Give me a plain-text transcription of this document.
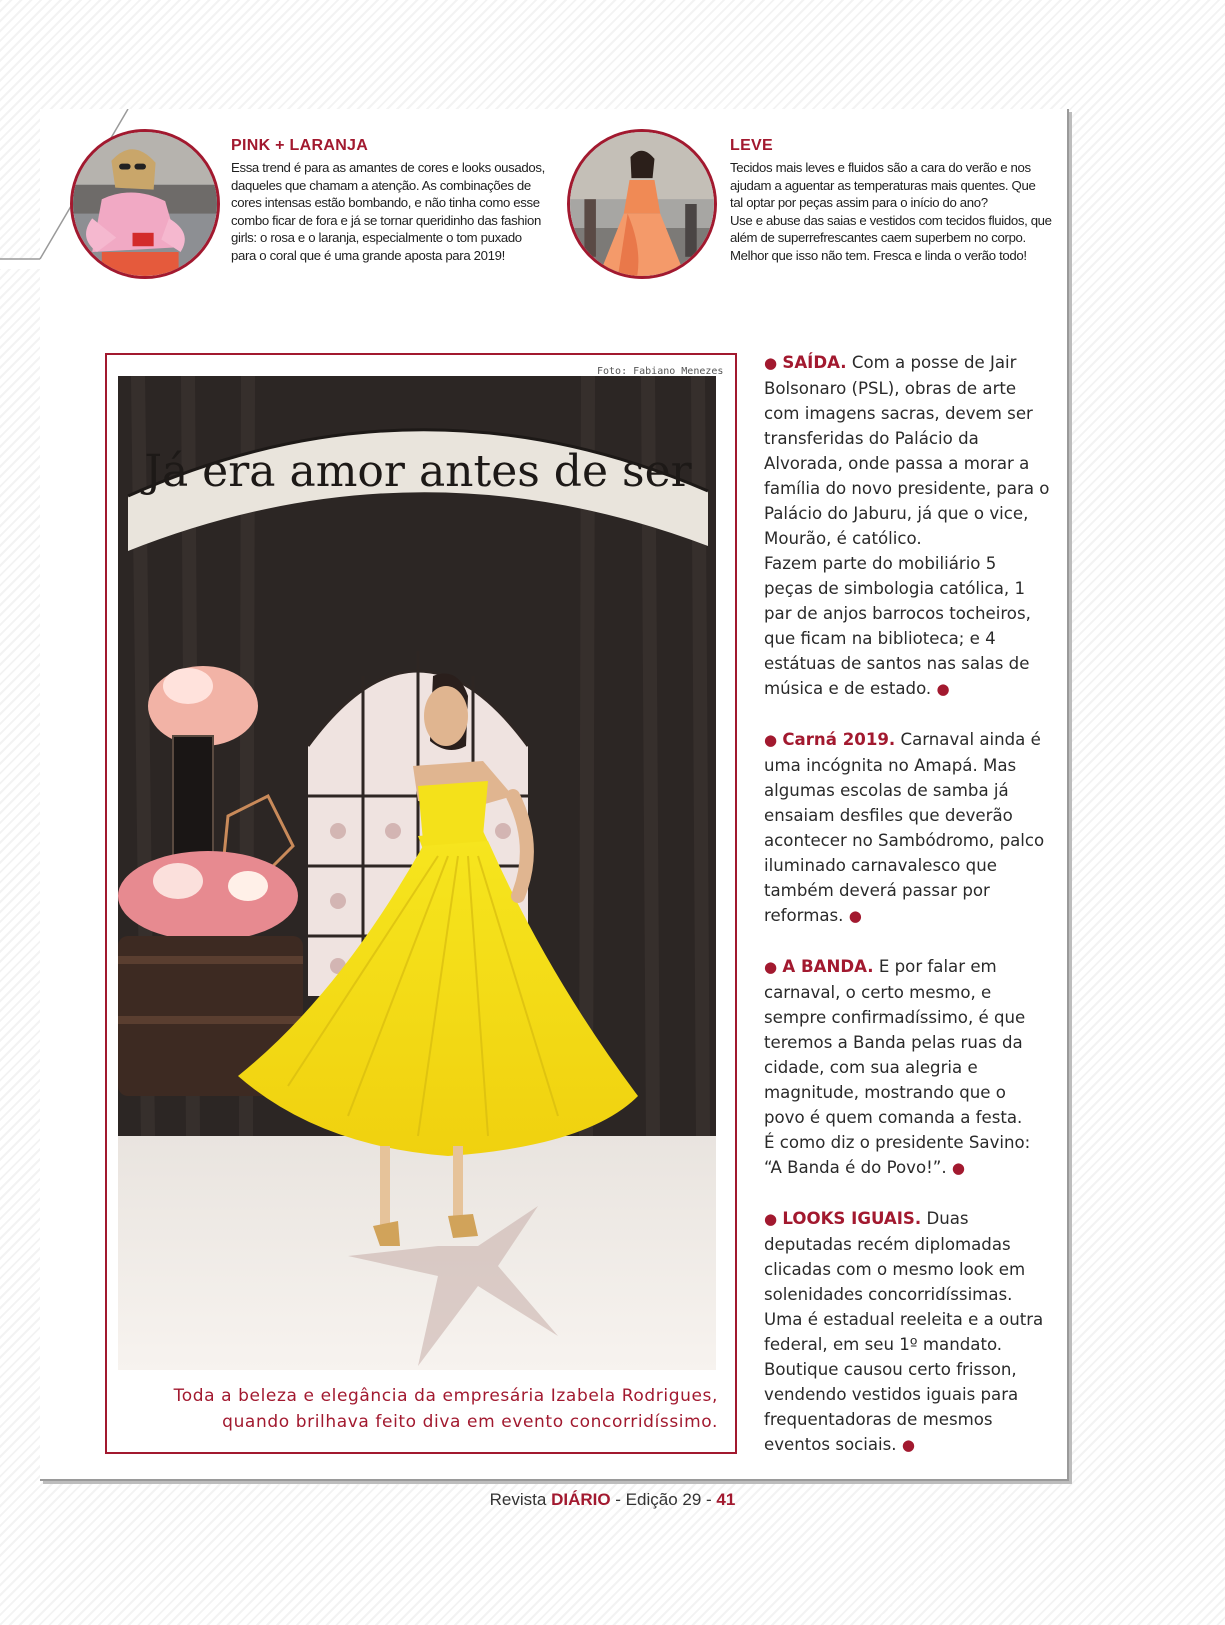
PINK + LARANJA
Essa trend é para as amantes de cores e looks ousados,
daqueles que chamam a atenção. As combinações de
cores intensas estão bombando, e não tinha como esse
combo ficar de fora e já se tornar queridinho das fashion
girls: o rosa e o laranja, especialmente o tom puxado
para o coral que é uma grande aposta para 2019!
LEVE
Tecidos mais leves e fluidos são a cara do verão e nos
ajudam a aguentar as temperaturas mais quentes. Que
tal optar por peças assim para o início do ano?
Use e abuse das saias e vestidos com tecidos fluidos, que
além de superrefrescantes caem superbem no corpo.
Melhor que isso não tem. Fresca e linda o verão todo!
Já era amor antes de ser
Foto: Fabiano Menezes
Toda a beleza e elegância da empresária Izabela Rodrigues,
quando brilhava feito diva em evento concorridíssimo.
● SAÍDA. Com a posse de Jair
Bolsonaro (PSL), obras de arte
com imagens sacras, devem ser
transferidas do Palácio da
Alvorada, onde passa a morar a
família do novo presidente, para o
Palácio do Jaburu, já que o vice,
Mourão, é católico.
Fazem parte do mobiliário 5
peças de simbologia católica, 1
par de anjos barrocos tocheiros,
que ficam na biblioteca; e 4
estátuas de santos nas salas de
música e de estado. ●
● Carná 2019. Carnaval ainda é
uma incógnita no Amapá. Mas
algumas escolas de samba já
ensaiam desfiles que deverão
acontecer no Sambódromo, palco
iluminado carnavalesco que
também deverá passar por
reformas. ●
● A BANDA. E por falar em
carnaval, o certo mesmo, e
sempre confirmadíssimo, é que
teremos a Banda pelas ruas da
cidade, com sua alegria e
magnitude, mostrando que o
povo é quem comanda a festa.
É como diz o presidente Savino:
“A Banda é do Povo!”. ●
● LOOKS IGUAIS. Duas
deputadas recém diplomadas
clicadas com o mesmo look em
solenidades concorridíssimas.
Uma é estadual reeleita e a outra
federal, em seu 1º mandato.
Boutique causou certo frisson,
vendendo vestidos iguais para
frequentadoras de mesmos
eventos sociais. ●
Revista DIÁRIO - Edição 29 - 41
